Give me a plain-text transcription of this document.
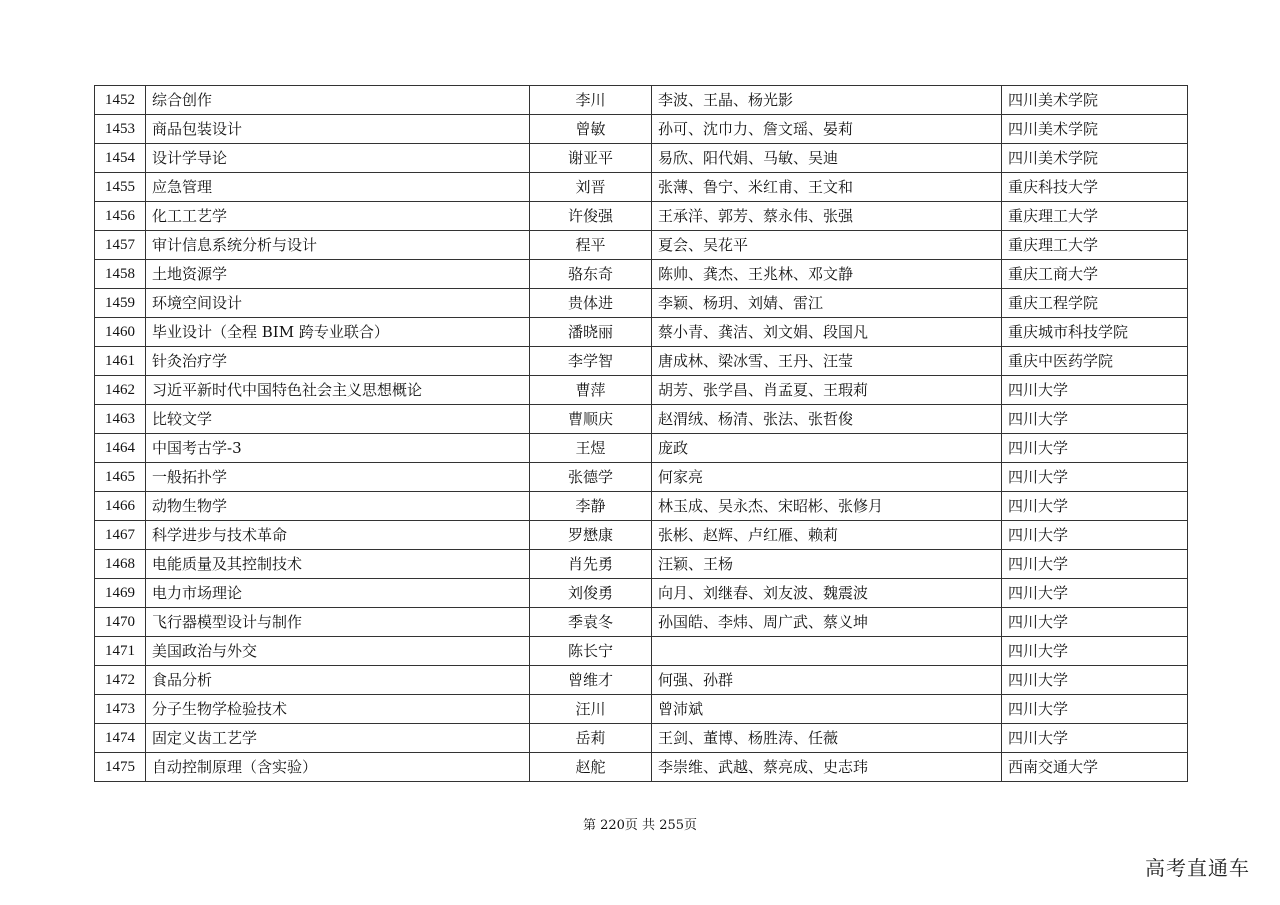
1452	综合创作	李川	李波、王晶、杨光影	四川美术学院
1453	商品包装设计	曾敏	孙可、沈巾力、詹文瑶、晏莉	四川美术学院
1454	设计学导论	谢亚平	易欣、阳代娟、马敏、吴迪	四川美术学院
1455	应急管理	刘晋	张薄、鲁宁、米红甫、王文和	重庆科技大学
1456	化工工艺学	许俊强	王承洋、郭芳、蔡永伟、张强	重庆理工大学
1457	审计信息系统分析与设计	程平	夏会、吴花平	重庆理工大学
1458	土地资源学	骆东奇	陈帅、龚杰、王兆林、邓文静	重庆工商大学
1459	环境空间设计	贵体进	李颖、杨玥、刘婧、雷江	重庆工程学院
1460	毕业设计（全程 BIM 跨专业联合）	潘晓丽	蔡小青、龚洁、刘文娟、段国凡	重庆城市科技学院
1461	针灸治疗学	李学智	唐成林、梁冰雪、王丹、汪莹	重庆中医药学院
1462	习近平新时代中国特色社会主义思想概论	曹萍	胡芳、张学昌、肖孟夏、王瑕莉	四川大学
1463	比较文学	曹顺庆	赵渭绒、杨清、张法、张哲俊	四川大学
1464	中国考古学-3	王煜	庞政	四川大学
1465	一般拓扑学	张德学	何家亮	四川大学
1466	动物生物学	李静	林玉成、吴永杰、宋昭彬、张修月	四川大学
1467	科学进步与技术革命	罗懋康	张彬、赵辉、卢红雁、赖莉	四川大学
1468	电能质量及其控制技术	肖先勇	汪颖、王杨	四川大学
1469	电力市场理论	刘俊勇	向月、刘继春、刘友波、魏震波	四川大学
1470	飞行器模型设计与制作	季袁冬	孙国皓、李炜、周广武、蔡义坤	四川大学
1471	美国政治与外交	陈长宁		四川大学
1472	食品分析	曾维才	何强、孙群	四川大学
1473	分子生物学检验技术	汪川	曾沛斌	四川大学
1474	固定义齿工艺学	岳莉	王剑、董博、杨胜涛、任薇	四川大学
1475	自动控制原理（含实验）	赵舵	李崇维、武越、蔡亮成、史志玮	西南交通大学
第 220页 共 255页
高考直通车
